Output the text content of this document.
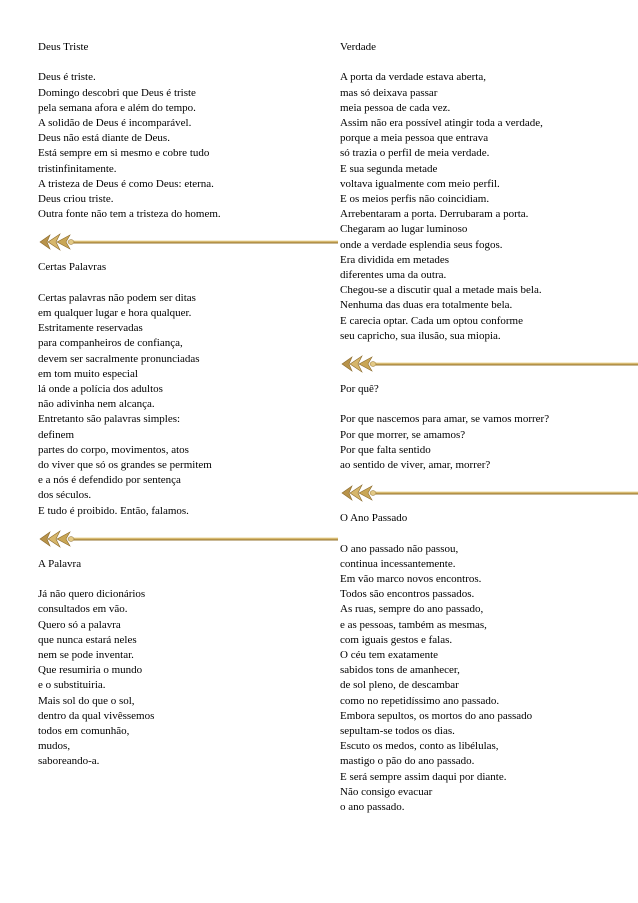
Deus Triste
Deus é triste.
Domingo descobri que Deus é triste
pela semana afora e além do tempo.
A solidão de Deus é incomparável.
Deus não está diante de Deus.
Está sempre em si mesmo e cobre tudo
tristinfinitamente.
A tristeza de Deus é como Deus: eterna.
Deus criou triste.
Outra fonte não tem a tristeza do homem.
Certas Palavras
Certas palavras não podem ser ditas
em qualquer lugar e hora qualquer.
Estritamente reservadas
para companheiros de confiança,
devem ser sacralmente pronunciadas
em tom muito especial
lá onde a polícia dos adultos
não adivinha nem alcança.
Entretanto são palavras simples:
definem
partes do corpo, movimentos, atos
do viver que só os grandes se permitem
e a nós é defendido por sentença
dos séculos.
E tudo é proibido. Então, falamos.
A Palavra
Já não quero dicionários
consultados em vão.
Quero só a palavra
que nunca estará neles
nem se pode inventar.
Que resumiria o mundo
e o substituiria.
Mais sol do que o sol,
dentro da qual vivêssemos
todos em comunhão,
mudos,
saboreando-a.
Verdade
A porta da verdade estava aberta,
mas só deixava passar
meia pessoa de cada vez.
Assim não era possível atingir toda a verdade,
porque a meia pessoa que entrava
só trazia o perfil de meia verdade.
E sua segunda metade
voltava igualmente com meio perfil.
E os meios perfis não coincidiam.
Arrebentaram a porta. Derrubaram a porta.
Chegaram ao lugar luminoso
onde a verdade esplendia seus fogos.
Era dividida em metades
diferentes uma da outra.
Chegou-se a discutir qual a metade mais bela.
Nenhuma das duas era totalmente bela.
E carecia optar. Cada um optou conforme
seu capricho, sua ilusão, sua miopia.
Por quê?
Por que nascemos para amar, se vamos morrer?
Por que morrer, se amamos?
Por que falta sentido
ao sentido de viver, amar, morrer?
O Ano Passado
O ano passado não passou,
continua incessantemente.
Em vão marco novos encontros.
Todos são encontros passados.
As ruas, sempre do ano passado,
e as pessoas, também as mesmas,
com iguais gestos e falas.
O céu tem exatamente
sabidos tons de amanhecer,
de sol pleno, de descambar
como no repetidíssimo ano passado.
Embora sepultos, os mortos do ano passado
sepultam-se todos os dias.
Escuto os medos, conto as libélulas,
mastigo o pão do ano passado.
E será sempre assim daqui por diante.
Não consigo evacuar
o ano passado.
